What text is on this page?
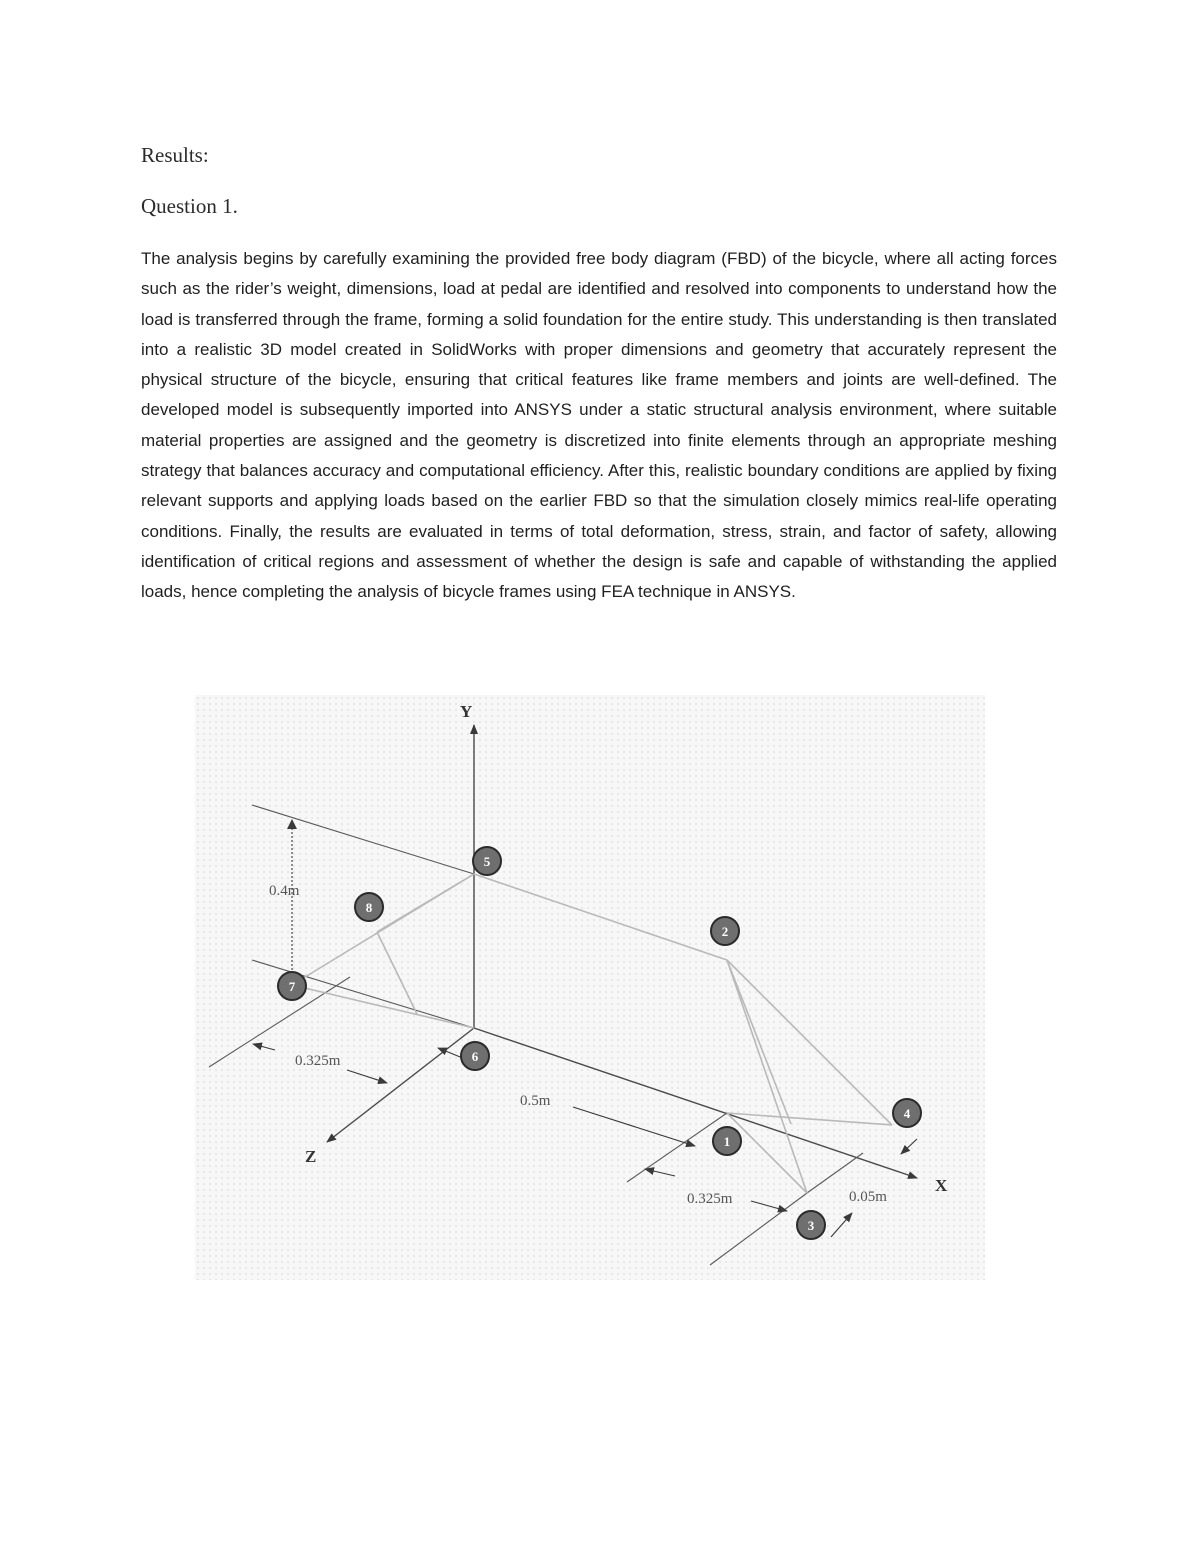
Results:
Question 1.

The analysis begins by carefully examining the provided free body diagram (FBD) of the bicycle, where all acting forces such as the rider’s weight, dimensions, load at pedal are identified and resolved into components to understand how the load is transferred through the frame, forming a solid foundation for the entire study. This understanding is then translated into a realistic 3D model created in SolidWorks with proper dimensions and geometry that accurately represent the physical structure of the bicycle, ensuring that critical features like frame members and joints are well-defined. The developed model is subsequently imported into ANSYS under a static structural analysis environment, where suitable material properties are assigned and the geometry is discretized into finite elements through an appropriate meshing strategy that balances accuracy and computational efficiency. After this, realistic boundary conditions are applied by fixing relevant supports and applying loads based on the earlier FBD so that the simulation closely mimics real-life operating conditions. Finally, the results are evaluated in terms of total deformation, stress, strain, and factor of safety, allowing identification of critical regions and assessment of whether the design is safe and capable of withstanding the applied loads, hence completing the analysis of bicycle frames using FEA technique in ANSYS.

Y
X
Z
0.4m
0.325m
0.5m
0.325m	0.05m
1
2
3
4
5
6
7
8
